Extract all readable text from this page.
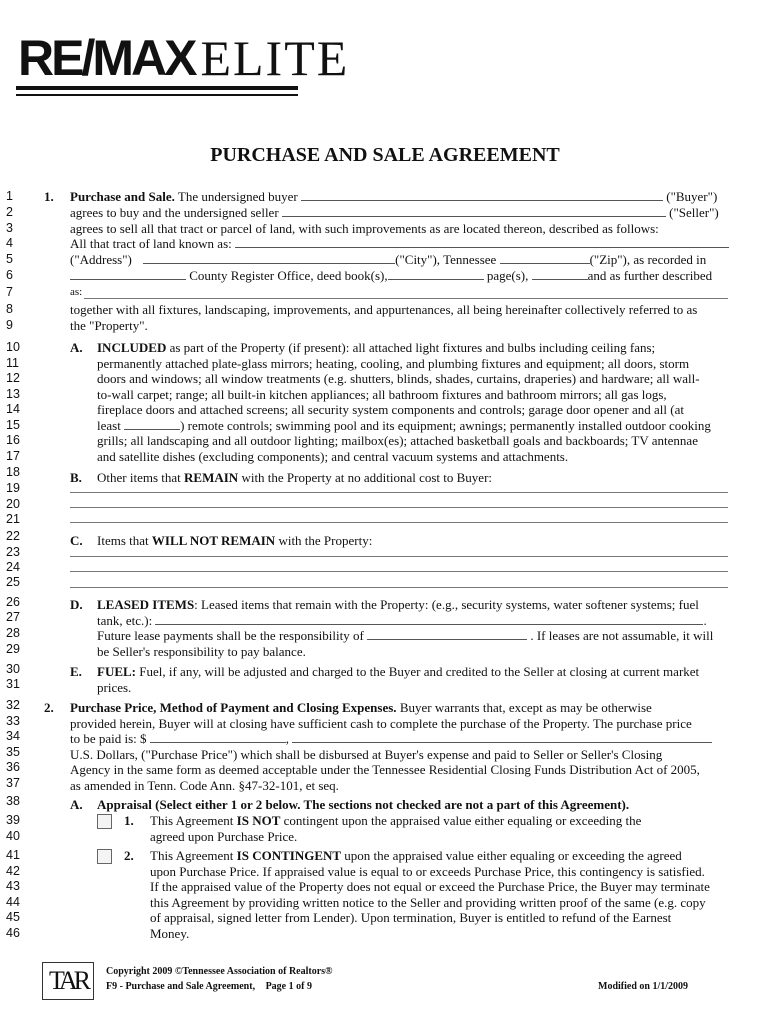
RE/MAX ELITE
PURCHASE AND SALE AGREEMENT
1
2
3
4
5
6
7
8
9
10
11
12
13
14
15
16
17
18
19
20
21
22
23
24
25
26
27
28
29
30
31
32
33
34
35
36
37
38
39
40
41
42
43
44
45
46
1. Purchase and Sale. The undersigned buyer	("Buyer")
agrees to buy and the undersigned seller	("Seller")
agrees to sell all that tract or parcel of land, with such improvements as are located thereon, described as follows:
All that tract of land known as:
("Address")	("City"), Tennessee	("Zip"), as recorded in
County Register Office, deed book(s),	page(s),	and as further described
as:
together with all fixtures, landscaping, improvements, and appurtenances, all being hereinafter collectively referred to as
the "Property".
A. INCLUDED as part of the Property (if present): all attached light fixtures and bulbs including ceiling fans;
permanently attached plate-glass mirrors; heating, cooling, and plumbing fixtures and equipment; all doors, storm
doors and windows; all window treatments (e.g. shutters, blinds, shades, curtains, draperies) and hardware; all wall-
to-wall carpet; range; all built-in kitchen appliances; all bathroom fixtures and bathroom mirrors; all gas logs,
fireplace doors and attached screens; all security system components and controls; garage door opener and all (at
least	) remote controls; swimming pool and its equipment; awnings; permanently installed outdoor cooking
grills; all landscaping and all outdoor lighting; mailbox(es); attached basketball goals and backboards; TV antennae
and satellite dishes (excluding components); and central vacuum systems and attachments.
B. Other items that REMAIN with the Property at no additional cost to Buyer:
C. Items that WILL NOT REMAIN with the Property:
D. LEASED ITEMS: Leased items that remain with the Property: (e.g., security systems, water softener systems; fuel
tank, etc.):	.
Future lease payments shall be the responsibility of	. If leases are not assumable, it will
be Seller's responsibility to pay balance.
E. FUEL: Fuel, if any, will be adjusted and charged to the Buyer and credited to the Seller at closing at current market
prices.
2. Purchase Price, Method of Payment and Closing Expenses. Buyer warrants that, except as may be otherwise
provided herein, Buyer will at closing have sufficient cash to complete the purchase of the Property. The purchase price
to be paid is: $	,
U.S. Dollars, ("Purchase Price") which shall be disbursed at Buyer's expense and paid to Seller or Seller's Closing
Agency in the same form as deemed acceptable under the Tennessee Residential Closing Funds Distribution Act of 2005,
as amended in Tenn. Code Ann. §47-32-101, et seq.
A. Appraisal (Select either 1 or 2 below. The sections not checked are not a part of this Agreement).
1. This Agreement IS NOT contingent upon the appraised value either equaling or exceeding the
agreed upon Purchase Price.
2. This Agreement IS CONTINGENT upon the appraised value either equaling or exceeding the agreed
upon Purchase Price. If appraised value is equal to or exceeds Purchase Price, this contingency is satisfied.
If the appraised value of the Property does not equal or exceed the Purchase Price, the Buyer may terminate
this Agreement by providing written notice to the Seller and providing written proof of the same (e.g. copy
of appraisal, signed letter from Lender). Upon termination, Buyer is entitled to refund of the Earnest
Money.
TAR	Copyright 2009 ©Tennessee Association of Realtors®
F9 - Purchase and Sale Agreement, Page 1 of 9	Modified on 1/1/2009
